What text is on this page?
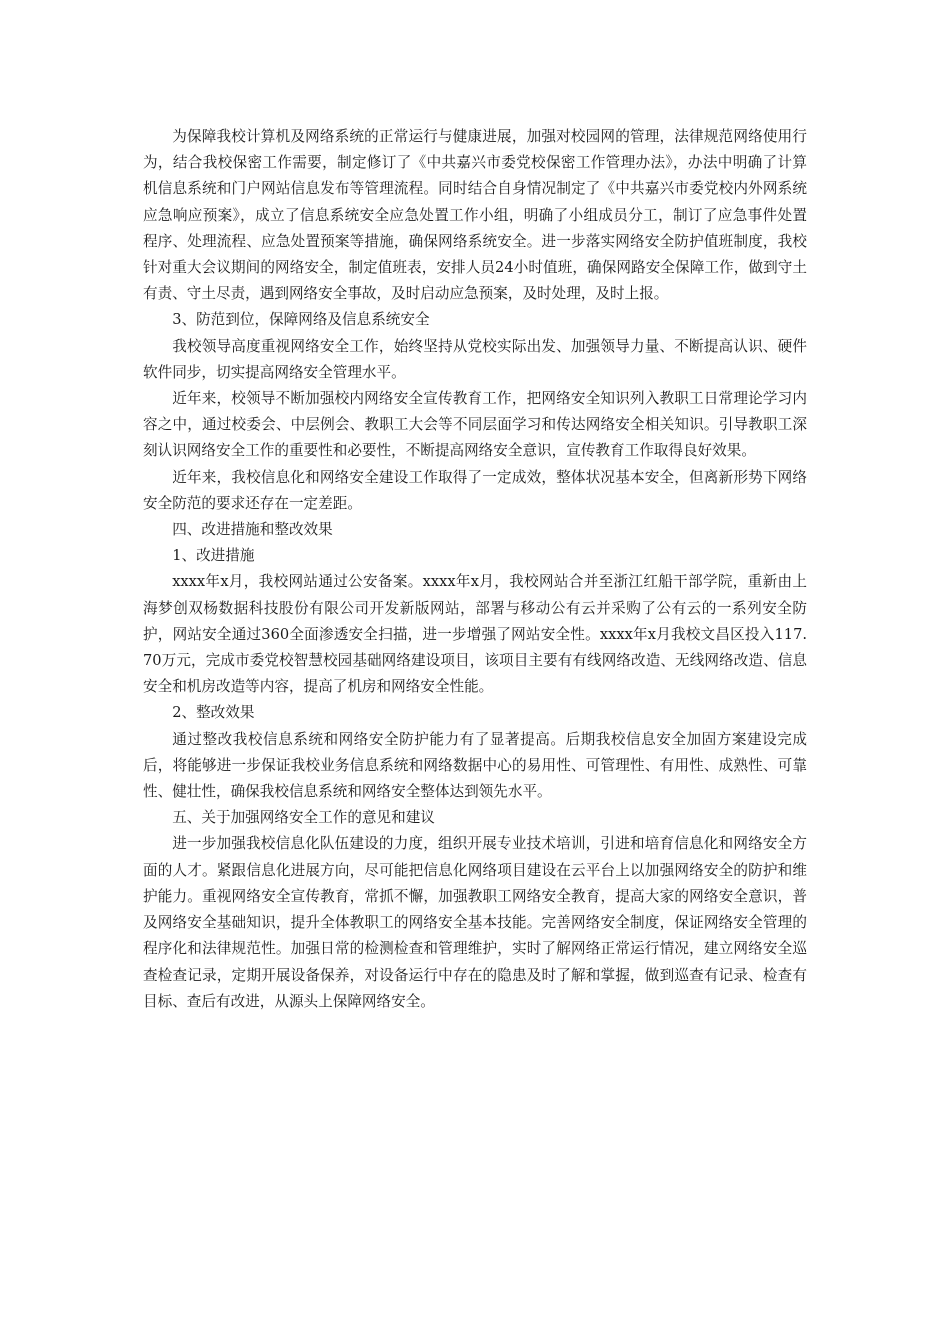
为保障我校计算机及网络系统的正常运行与健康进展，加强对校园网的管理，法律规范网络使用行为，结合我校保密工作需要，制定修订了《中共嘉兴市委党校保密工作管理办法》，办法中明确了计算机信息系统和门户网站信息发布等管理流程。同时结合自身情况制定了《中共嘉兴市委党校内外网系统应急响应预案》，成立了信息系统安全应急处置工作小组，明确了小组成员分工，制订了应急事件处置程序、处理流程、应急处置预案等措施，确保网络系统安全。进一步落实网络安全防护值班制度，我校针对重大会议期间的网络安全，制定值班表，安排人员24小时值班，确保网路安全保障工作，做到守土有责、守土尽责，遇到网络安全事故，及时启动应急预案，及时处理，及时上报。

3、防范到位，保障网络及信息系统安全

我校领导高度重视网络安全工作，始终坚持从党校实际出发、加强领导力量、不断提高认识、硬件软件同步，切实提高网络安全管理水平。

近年来，校领导不断加强校内网络安全宣传教育工作，把网络安全知识列入教职工日常理论学习内容之中，通过校委会、中层例会、教职工大会等不同层面学习和传达网络安全相关知识。引导教职工深刻认识网络安全工作的重要性和必要性，不断提高网络安全意识，宣传教育工作取得良好效果。

近年来，我校信息化和网络安全建设工作取得了一定成效，整体状况基本安全，但离新形势下网络安全防范的要求还存在一定差距。

四、改进措施和整改效果

1、改进措施

xxxx年x月，我校网站通过公安备案。xxxx年x月，我校网站合并至浙江红船干部学院，重新由上海梦创双杨数据科技股份有限公司开发新版网站，部署与移动公有云并采购了公有云的一系列安全防护，网站安全通过360全面渗透安全扫描，进一步增强了网站安全性。xxxx年x月我校文昌区投入117.70万元，完成市委党校智慧校园基础网络建设项目，该项目主要有有线网络改造、无线网络改造、信息安全和机房改造等内容，提高了机房和网络安全性能。

2、整改效果

通过整改我校信息系统和网络安全防护能力有了显著提高。后期我校信息安全加固方案建设完成后，将能够进一步保证我校业务信息系统和网络数据中心的易用性、可管理性、有用性、成熟性、可靠性、健壮性，确保我校信息系统和网络安全整体达到领先水平。

五、关于加强网络安全工作的意见和建议

进一步加强我校信息化队伍建设的力度，组织开展专业技术培训，引进和培育信息化和网络安全方面的人才。紧跟信息化进展方向，尽可能把信息化网络项目建设在云平台上以加强网络安全的防护和维护能力。重视网络安全宣传教育，常抓不懈，加强教职工网络安全教育，提高大家的网络安全意识，普及网络安全基础知识，提升全体教职工的网络安全基本技能。完善网络安全制度，保证网络安全管理的程序化和法律规范性。加强日常的检测检查和管理维护，实时了解网络正常运行情况，建立网络安全巡查检查记录，定期开展设备保养，对设备运行中存在的隐患及时了解和掌握，做到巡查有记录、检查有目标、查后有改进，从源头上保障网络安全。
